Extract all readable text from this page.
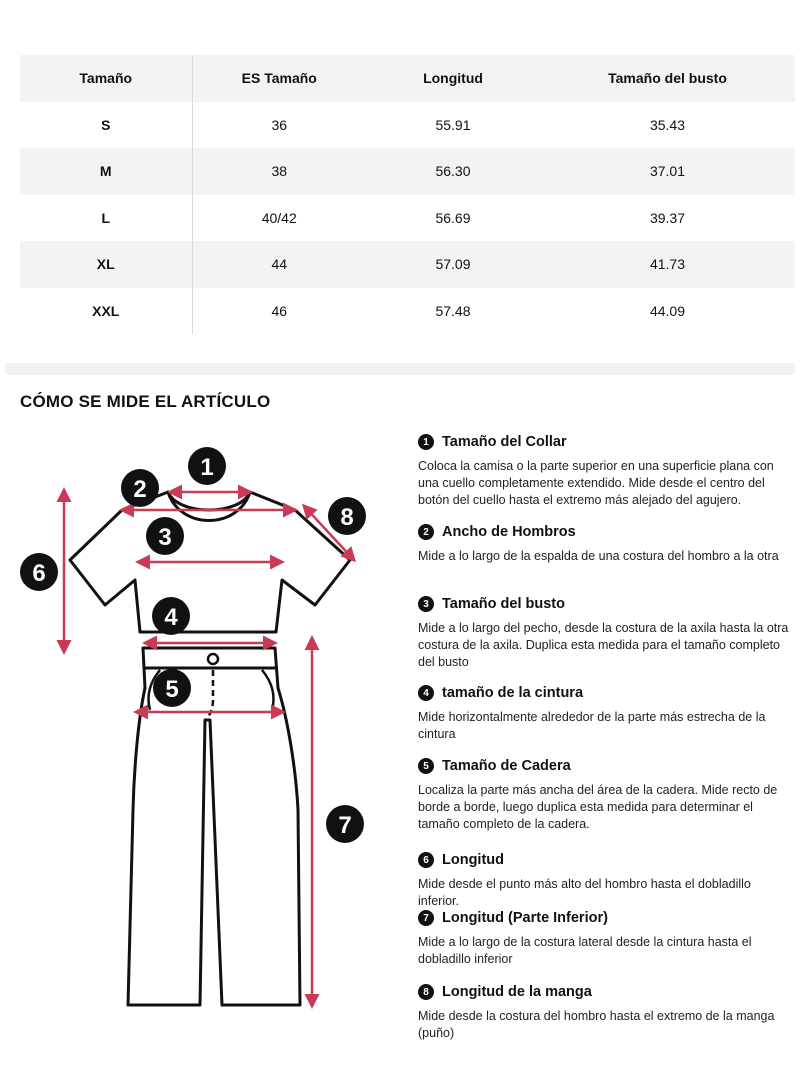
Tamaño	ES Tamaño	Longitud	Tamaño del busto
S	36	55.91	35.43
M	38	56.30	37.01
L	40/42	56.69	39.37
XL	44	57.09	41.73
XXL	46	57.48	44.09
CÓMO SE MIDE EL ARTÍCULO
1
2
3
4
5
6
7
8
1 Tamaño del Collar

Coloca la camisa o la parte superior en una superficie plana con una cuello completamente extendido. Mide desde el centro del botón del cuello hasta el extremo más alejado del agujero.

2 Ancho de Hombros

Mide a lo largo de la espalda de una costura del hombro a la otra

3 Tamaño del busto

Mide a lo largo del pecho, desde la costura de la axila hasta la otra costura de la axila. Duplica esta medida para el tamaño completo del busto

4 tamaño de la cintura

Mide horizontalmente alrededor de la parte más estrecha de la cintura

5 Tamaño de Cadera

Localiza la parte más ancha del área de la cadera. Mide recto de borde a borde, luego duplica esta medida para determinar el tamaño completo de la cadera.

6 Longitud

Mide desde el punto más alto del hombro hasta el dobladillo inferior.

7 Longitud (Parte Inferior)

Mide a lo largo de la costura lateral desde la cintura hasta el dobladillo inferior

8 Longitud de la manga

Mide desde la costura del hombro hasta el extremo de la manga (puño)
